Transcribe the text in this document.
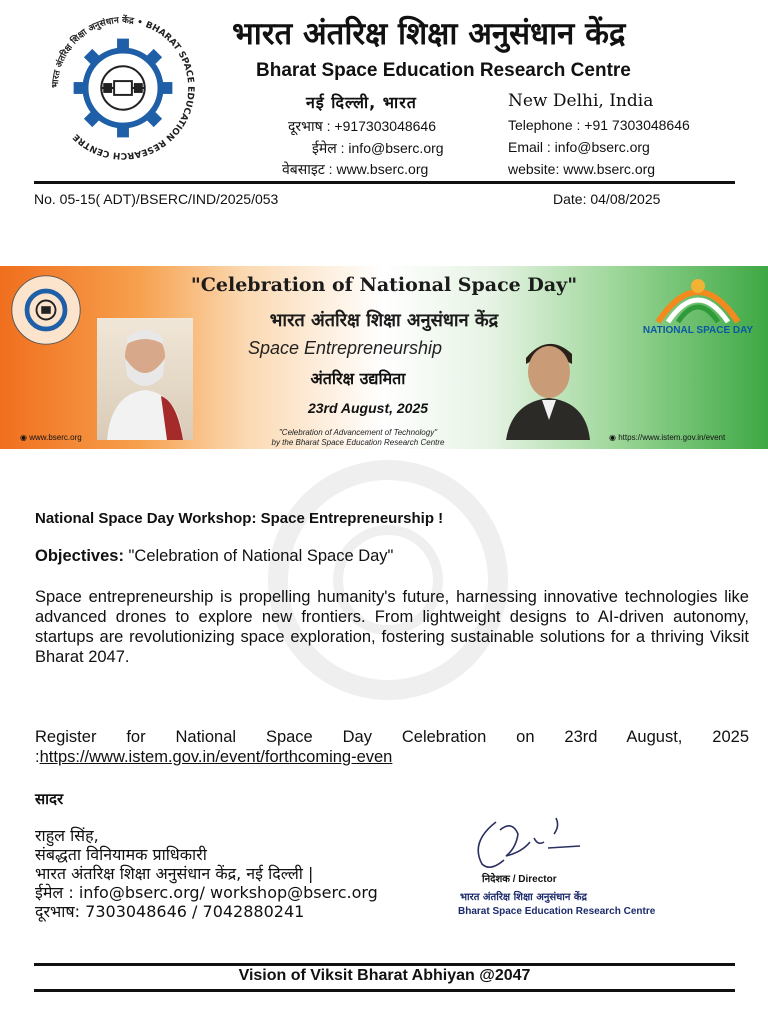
भारत अंतरिक्ष शिक्षा अनुसंधान केंद्र • BHARAT SPACE EDUCATION RESEARCH CENTRE
भारत अंतरिक्ष शिक्षा अनुसंधान केंद्र
Bharat Space Education Research Centre
नई दिल्ली, भारत	New Delhi, India
दूरभाष : +917303048646
ईमेल : info@bserc.org
वेबसाइट : www.bserc.org
Telephone : +91 7303048646
Email : info@bserc.org
website: www.bserc.org
No. 05-15( ADT)/BSERC/IND/2025/053	Date: 04/08/2025
NATIONAL SPACE DAY
"Celebration of National Space Day"
भारत अंतरिक्ष शिक्षा अनुसंधान केंद्र
Space Entrepreneurship
अंतरिक्ष उद्यमिता
23rd August, 2025
"Celebration of Advancement of Technology"
by the Bharat Space Education Research Centre
◉ www.bserc.org	◉ https://www.istem.gov.in/event
National Space Day Workshop: Space Entrepreneurship !
Objectives: "Celebration of National Space Day"
Space entrepreneurship is propelling humanity's future, harnessing innovative technologies like advanced drones to explore new frontiers. From lightweight designs to AI-driven autonomy, startups are revolutionizing space exploration, fostering sustainable solutions for a thriving Viksit Bharat 2047.
Register for National Space Day Celebration on 23rd August, 2025 :https://www.istem.gov.in/event/forthcoming-even
सादर
राहुल सिंह,
संबद्धता विनियामक प्राधिकारी
भारत अंतरिक्ष शिक्षा अनुसंधान केंद्र, नई दिल्ली |
ईमेल : info@bserc.org/ workshop@bserc.org
दूरभाष: 7303048646 / 7042880241
निदेशक / Director
भारत अंतरिक्ष शिक्षा अनुसंधान केंद्र
Bharat Space Education Research Centre
Vision of Viksit Bharat Abhiyan @2047
